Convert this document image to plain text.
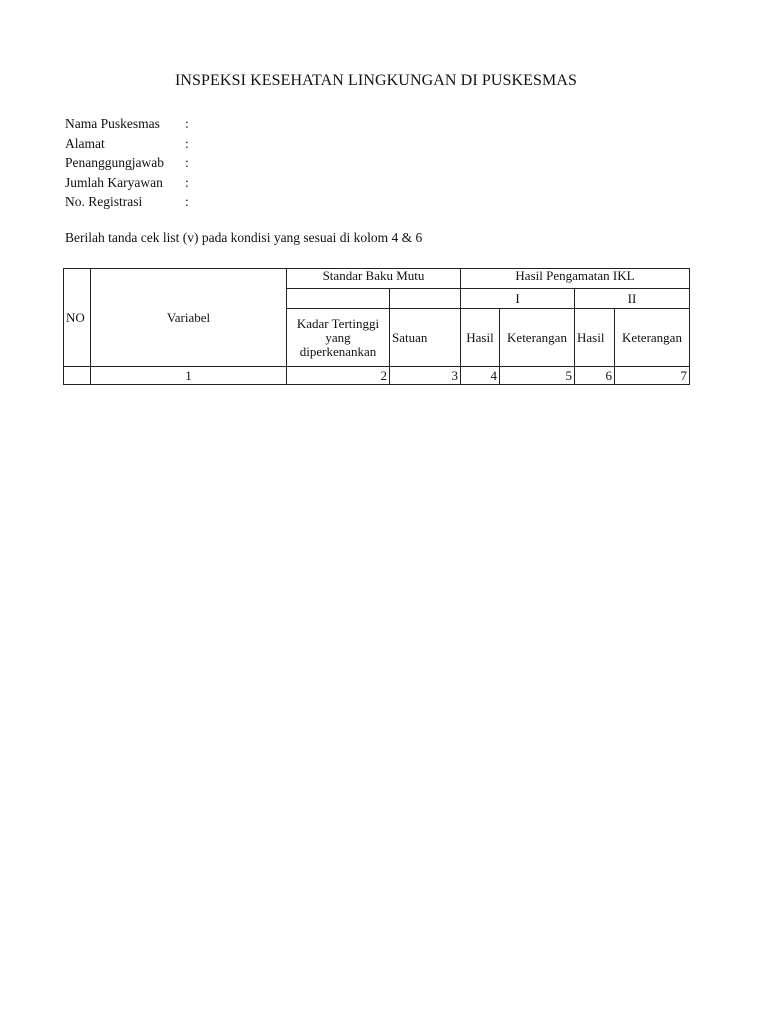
INSPEKSI KESEHATAN LINGKUNGAN DI PUSKESMAS
Nama Puskesmas :
Alamat	:
Penanggungjawab :
Jumlah Karyawan :
No. Registrasi	:
Berilah tanda cek list (v) pada kondisi yang sesuai di kolom 4 & 6
NO	Variabel	Standar Baku Mutu		Hasil Pengamatan IKL			
				I		II	

		Kadar Tertinggi
yang
diperkenankan	Satuan	Hasil	Keterangan	Hasil	Keterangan
	1	2	3	4	5	6	7
